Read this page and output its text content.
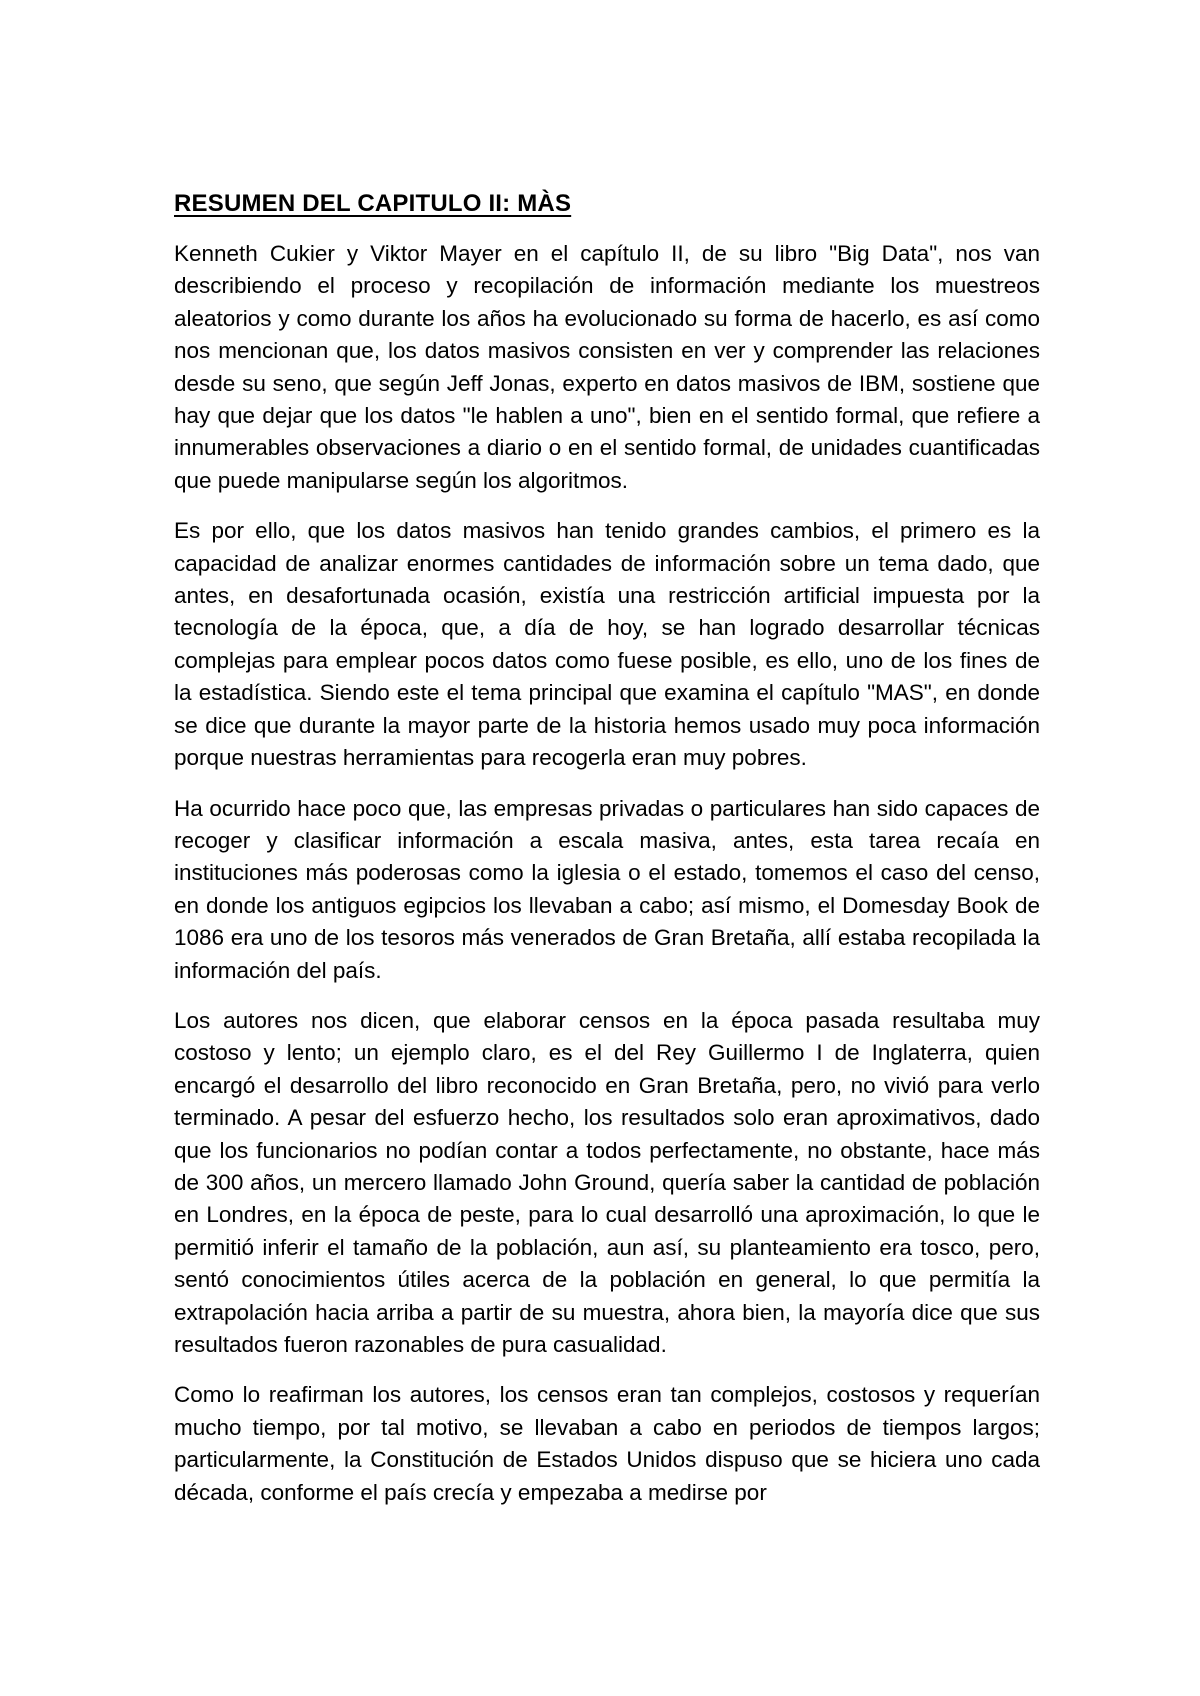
RESUMEN DEL CAPITULO II: MÀS

Kenneth Cukier y Viktor Mayer en el capítulo II, de su libro "Big Data", nos van describiendo el proceso y recopilación de información mediante los muestreos aleatorios y como durante los años ha evolucionado su forma de hacerlo, es así como nos mencionan que, los datos masivos consisten en ver y comprender las relaciones desde su seno, que según Jeff Jonas, experto en datos masivos de IBM, sostiene que hay que dejar que los datos "le hablen a uno", bien en el sentido formal, que refiere a innumerables observaciones a diario o en el sentido formal, de unidades cuantificadas que puede manipularse según los algoritmos.

Es por ello, que los datos masivos han tenido grandes cambios, el primero es la capacidad de analizar enormes cantidades de información sobre un tema dado, que antes, en desafortunada ocasión, existía una restricción artificial impuesta por la tecnología de la época, que, a día de hoy, se han logrado desarrollar técnicas complejas para emplear pocos datos como fuese posible, es ello, uno de los fines de la estadística. Siendo este el tema principal que examina el capítulo "MAS", en donde se dice que durante la mayor parte de la historia hemos usado muy poca información porque nuestras herramientas para recogerla eran muy pobres.

Ha ocurrido hace poco que, las empresas privadas o particulares han sido capaces de recoger y clasificar información a escala masiva, antes, esta tarea recaía en instituciones más poderosas como la iglesia o el estado, tomemos el caso del censo, en donde los antiguos egipcios los llevaban a cabo; así mismo, el Domesday Book de 1086 era uno de los tesoros más venerados de Gran Bretaña, allí estaba recopilada la información del país.

Los autores nos dicen, que elaborar censos en la época pasada resultaba muy costoso y lento; un ejemplo claro, es el del Rey Guillermo I de Inglaterra, quien encargó el desarrollo del libro reconocido en Gran Bretaña, pero, no vivió para verlo terminado. A pesar del esfuerzo hecho, los resultados solo eran aproximativos, dado que los funcionarios no podían contar a todos perfectamente, no obstante, hace más de 300 años, un mercero llamado John Ground, quería saber la cantidad de población en Londres, en la época de peste, para lo cual desarrolló una aproximación, lo que le permitió inferir el tamaño de la población, aun así, su planteamiento era tosco, pero, sentó conocimientos útiles acerca de la población en general, lo que permitía la extrapolación hacia arriba a partir de su muestra, ahora bien, la mayoría dice que sus resultados fueron razonables de pura casualidad.

Como lo reafirman los autores, los censos eran tan complejos, costosos y requerían mucho tiempo, por tal motivo, se llevaban a cabo en periodos de tiempos largos; particularmente, la Constitución de Estados Unidos dispuso que se hiciera uno cada década, conforme el país crecía y empezaba a medirse por
